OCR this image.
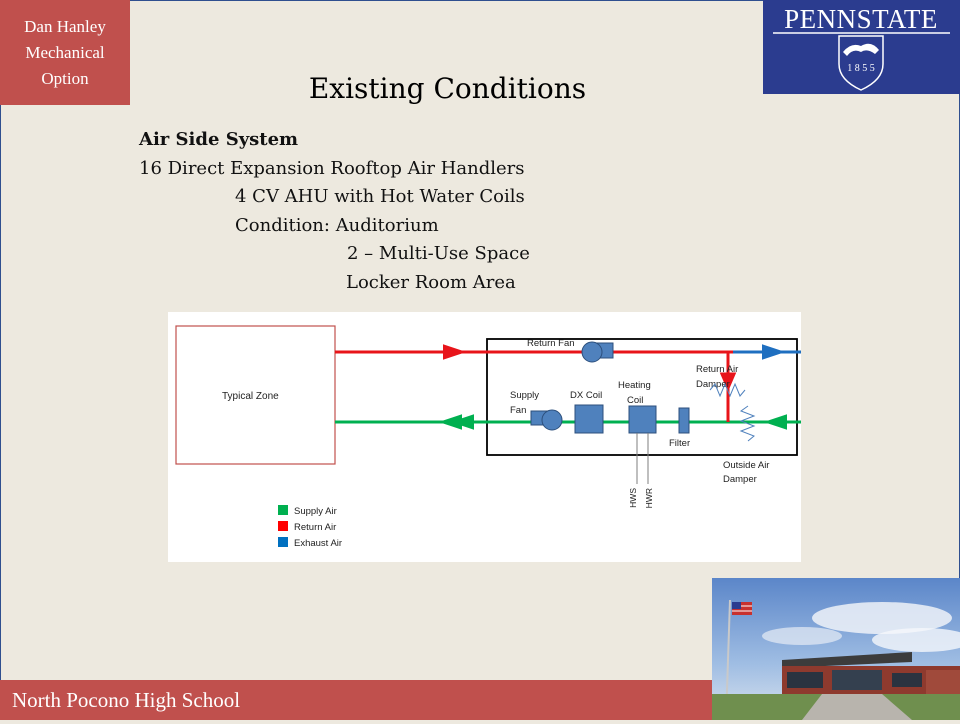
Dan Hanley
Mechanical
Option
PENNSTATE
1 8 5 5
Existing Conditions
Air Side System
16 Direct Expansion Rooftop Air Handlers
4 CV AHU with Hot Water Coils
Condition: Auditorium
2 – Multi-Use Space
Locker Room Area
Typical Zone
Return Fan
Supply
Fan
DX Coil
Heating
Coil
HWS HWR
Filter
Return Air
Damper
Outside Air
Damper
Supply Air
Return Air
Exhaust Air
North Pocono High School
